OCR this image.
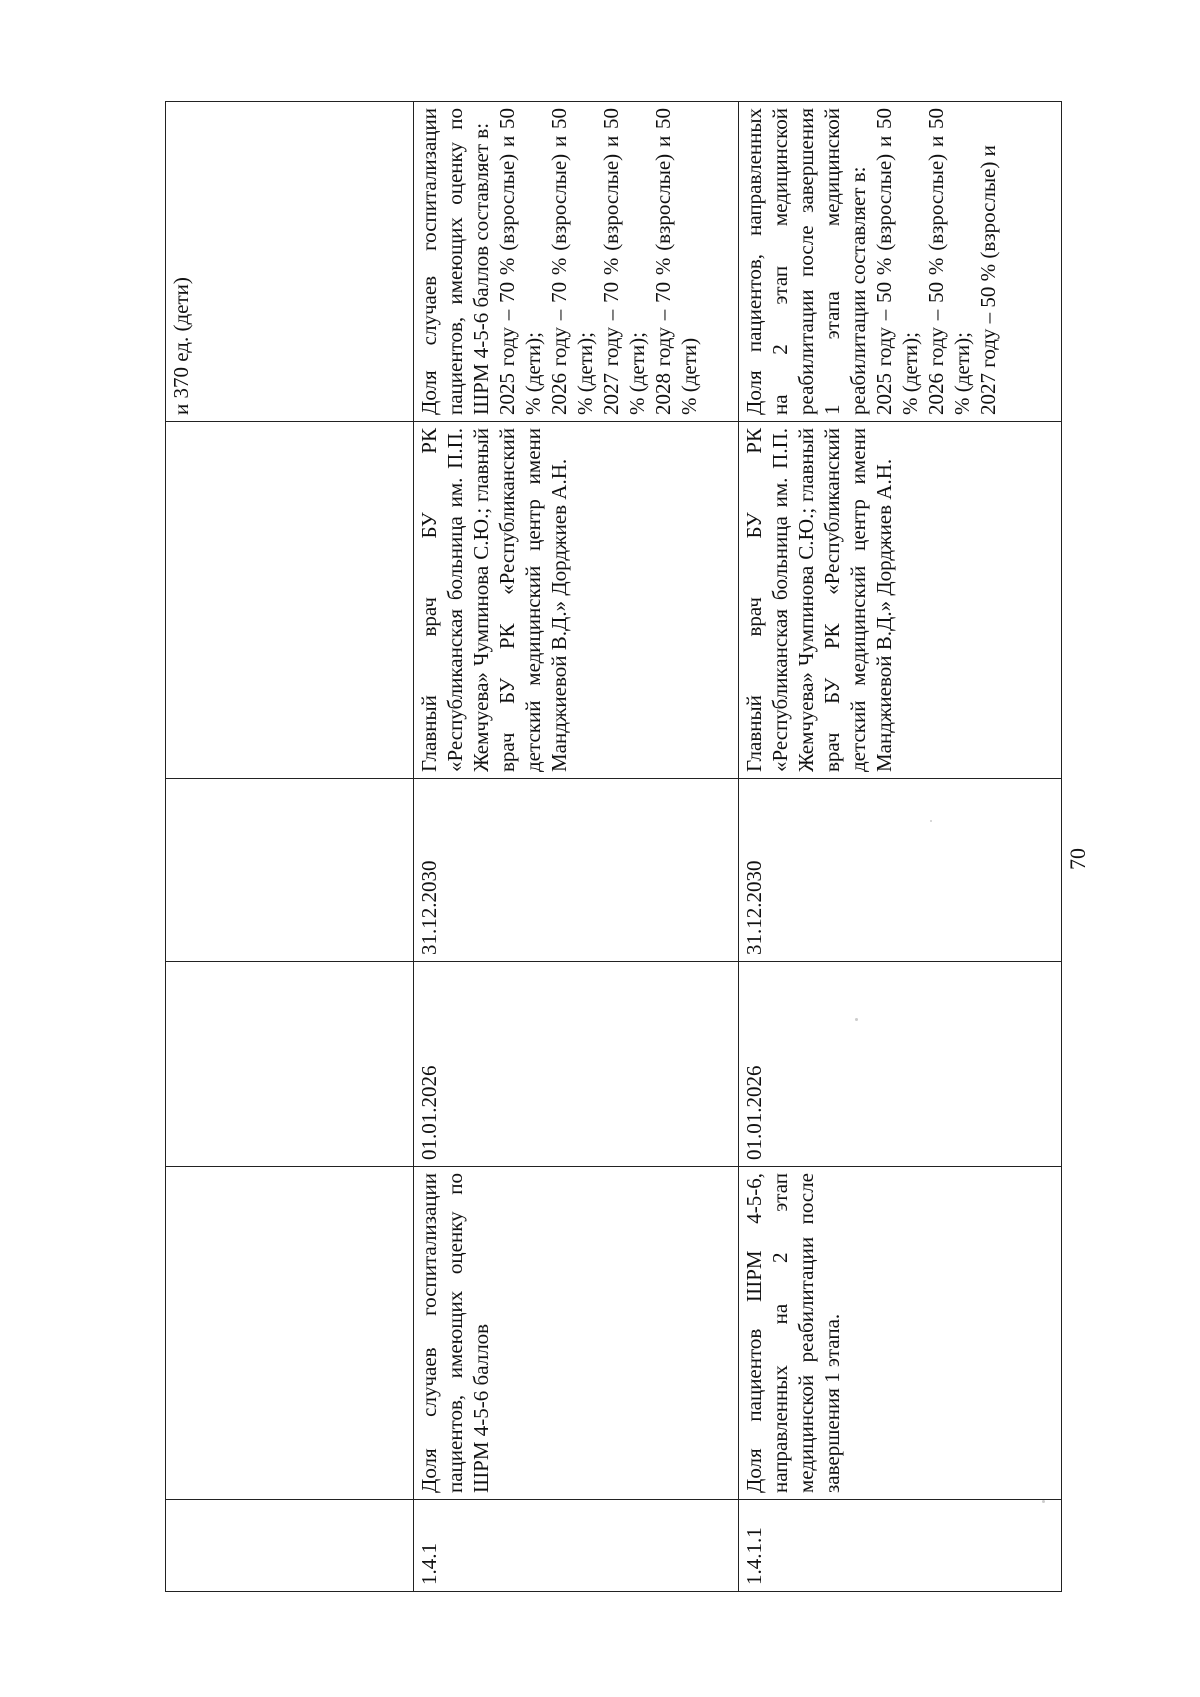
					и 370 ед. (дети)
1.4.1	Доля случаев госпитализации пациентов, имеющих оценку по ШРМ 4-5-6 баллов	01.01.2026	31.12.2030	Главный врач БУ РК «Республиканская больница им. П.П. Жемчуева» Чумпинова С.Ю.; главный врач БУ РК «Республиканский детский медицинский центр имени Манджиевой В.Д.» Дорджиев А.Н.	Доля случаев госпитализации пациентов, имеющих оценку по ШРМ 4-5-6 баллов составляет в: 2025 году – 70 % (взрослые) и 50 % (дети); 2026 году – 70 % (взрослые) и 50 % (дети); 2027 году – 70 % (взрослые) и 50 % (дети); 2028 году – 70 % (взрослые) и 50 % (дети)

1.4.1.1	Доля пациентов ШРМ 4-5-6, направленных на 2 этап медицинской реабилитации после завершения 1 этапа.	01.01.2026	31.12.2030	Главный врач БУ РК «Республиканская больница им. П.П. Жемчуева» Чумпинова С.Ю.; главный врач БУ РК «Республиканский детский медицинский центр имени Манджиевой В.Д.» Дорджиев А.Н.	Доля пациентов, направленных на 2 этап медицинской реабилитации после завершения 1 этапа медицинской реабилитации составляет в: 2025 году – 50 % (взрослые) и 50 % (дети); 2026 году – 50 % (взрослые) и 50 % (дети); 2027 году – 50 % (взрослые) и
70
